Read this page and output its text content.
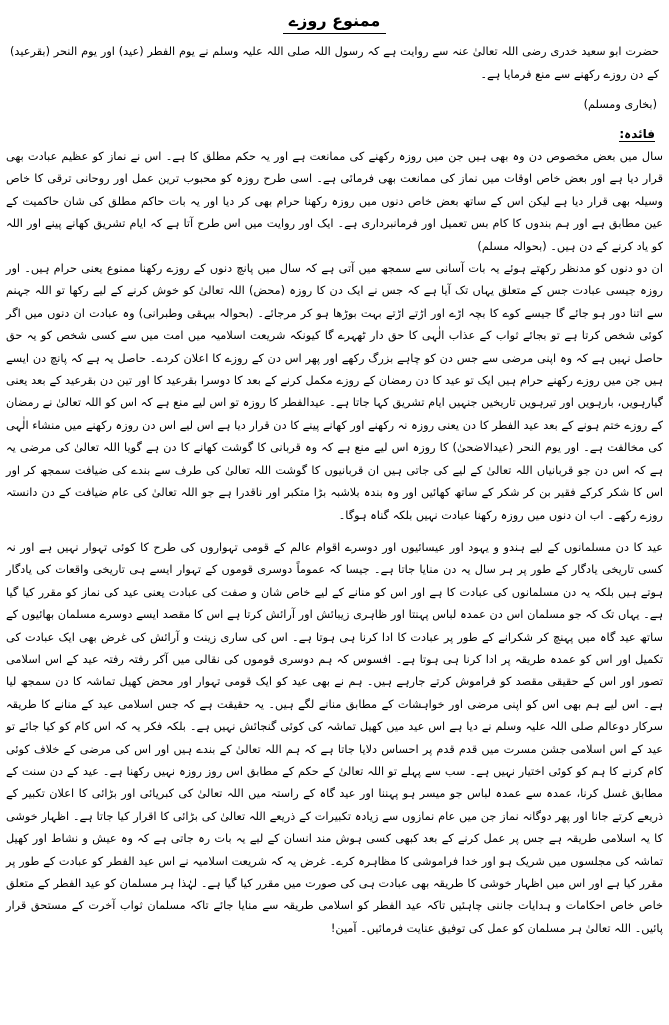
ممنوع روزے
حضرت ابو سعید خدری رضی اللہ تعالیٰ عنہ سے روایت ہے کہ رسول اللہ صلی اللہ علیہ وسلم نے یوم الفطر (عید) اور یوم النحر (بقرعید) کے دن روزے رکھنے سے منع فرمایا ہے۔
(بخاری ومسلم)
فائدہ:

سال میں بعض مخصوص دن وہ بھی ہیں جن میں روزہ رکھنے کی ممانعت ہے اور یہ حکم مطلق کا ہے۔ اس نے نماز کو عظیم عبادت بھی قرار دیا ہے اور بعض خاص اوقات میں نماز کی ممانعت بھی فرمائی ہے۔ اسی طرح روزہ کو محبوب ترین عمل اور روحانی ترقی کا خاص وسیلہ بھی قرار دیا ہے لیکن اس کے ساتھ بعض خاص دنوں میں روزہ رکھنا حرام بھی کر دیا اور یہ بات حاکم مطلق کی شان حاکمیت کے عین مطابق ہے اور ہم بندوں کا کام بس تعمیل اور فرمانبرداری ہے۔ ایک اور روایت میں اس طرح آتا ہے کہ ایام تشریق کھانے پینے اور اللہ کو یاد کرنے کے دن ہیں۔ (بحوالہ مسلم)

ان دو دنوں کو مدنظر رکھتے ہوئے یہ بات آسانی سے سمجھ میں آتی ہے کہ سال میں پانچ دنوں کے روزے رکھنا ممنوع یعنی حرام ہیں۔ اور روزہ جیسی عبادت جس کے متعلق یہاں تک آیا ہے کہ جس نے ایک دن کا روزہ (محض) اللہ تعالیٰ کو خوش کرنے کے لیے رکھا تو اللہ جہنم سے اتنا دور ہو جائے گا جیسے کوے کا بچہ اڑے اور اڑتے اڑتے بہت بوڑھا ہو کر مرجائے۔ (بحوالہ بیہقی وطبرانی) وہ عبادت ان دنوں میں اگر کوئی شخص کرتا ہے تو بجائے ثواب کے عذاب الٰہی کا حق دار ٹھہرے گا کیونکہ شریعت اسلامیہ میں امت میں سے کسی شخص کو یہ حق حاصل نہیں ہے کہ وہ اپنی مرضی سے جس دن کو چاہے بزرگ رکھے اور پھر اس دن کے روزے کا اعلان کردے۔ حاصل یہ ہے کہ پانچ دن ایسے ہیں جن میں روزے رکھنے حرام ہیں ایک تو عید کا دن رمضان کے روزے مکمل کرنے کے بعد کا دوسرا بقرعید کا اور تین دن بقرعید کے بعد یعنی گیارہویں، بارہویں اور تیرہویں تاریخیں جنہیں ایام تشریق کہا جاتا ہے۔ عیدالفطر کا روزہ تو اس لیے منع ہے کہ اس کو اللہ تعالیٰ نے رمضان کے روزے ختم ہونے کے بعد عید الفطر کا دن یعنی روزہ نہ رکھنے اور کھانے پینے کا دن قرار دیا ہے اس لیے اس دن روزہ رکھنے میں منشاء الٰہی کی مخالفت ہے۔ اور یوم النحر (عیدالاضحیٰ) کا روزہ اس لیے منع ہے کہ وہ قربانی کا گوشت کھانے کا دن ہے گویا اللہ تعالیٰ کی مرضی یہ ہے کہ اس دن جو قربانیاں اللہ تعالیٰ کے لیے کی جاتی ہیں ان قربانیوں کا گوشت اللہ تعالیٰ کی طرف سے بندے کی ضیافت سمجھ کر اور اس کا شکر کرکے فقیر بن کر شکر کے ساتھ کھائیں اور وہ بندہ بلاشبہ بڑا متکبر اور ناقدرا ہے جو اللہ تعالیٰ کی عام ضیافت کے دن دانستہ روزے رکھے۔ اب ان دنوں میں روزہ رکھنا عبادت نہیں بلکہ گناہ ہوگا۔

عید کا دن مسلمانوں کے لیے ہندو و یہود اور عیسائیوں اور دوسرے اقوام عالم کے قومی تہواروں کی طرح کا کوئی تہوار نہیں ہے اور نہ کسی تاریخی یادگار کے طور پر ہر سال یہ دن منایا جاتا ہے۔ جیسا کہ عموماً دوسری قوموں کے تہوار ایسے ہی تاریخی واقعات کی یادگار ہوتے ہیں بلکہ یہ دن مسلمانوں کی عبادت کا ہے اور اس کو منانے کے لیے خاص شان و صفت کی عبادت یعنی عید کی نماز کو مقرر کیا گیا ہے۔ یہاں تک کہ جو مسلمان اس دن عمدہ لباس پہنتا اور ظاہری زیبائش اور آرائش کرتا ہے اس کا مقصد ایسے دوسرے مسلمان بھائیوں کے ساتھ عید گاہ میں پہنچ کر شکرانے کے طور پر عبادت کا ادا کرنا ہی ہوتا ہے۔ اس کی ساری زینت و آرائش کی غرض بھی ایک عبادت کی تکمیل اور اس کو عمدہ طریقہ پر ادا کرنا ہی ہوتا ہے۔ افسوس کہ ہم دوسری قوموں کی نقالی میں آکر رفتہ رفتہ عید کے اس اسلامی تصور اور اس کے حقیقی مقصد کو فراموش کرتے جارہے ہیں۔ ہم نے بھی عید کو ایک قومی تہوار اور محض کھیل تماشہ کا دن سمجھ لیا ہے۔ اس لیے ہم بھی اس کو اپنی مرضی اور خواہشات کے مطابق منانے لگے ہیں۔ یہ حقیقت ہے کہ جس اسلامی عید کے منانے کا طریقہ سرکار دوعالم صلی اللہ علیہ وسلم نے دیا ہے اس عید میں کھیل تماشہ کی کوئی گنجائش نہیں ہے۔ بلکہ فکر یہ کہ اس کام کو کیا جائے تو عید کے اس اسلامی جشن مسرت میں قدم قدم پر احساس دلایا جاتا ہے کہ ہم اللہ تعالیٰ کے بندے ہیں اور اس کی مرضی کے خلاف کوئی کام کرنے کا ہم کو کوئی اختیار نہیں ہے۔ سب سے پہلے تو اللہ تعالیٰ کے حکم کے مطابق اس روز روزہ نہیں رکھنا ہے۔ عید کے دن سنت کے مطابق غسل کرنا، عمدہ سے عمدہ لباس جو میسر ہو پہننا اور عید گاہ کے راستہ میں اللہ تعالیٰ کی کبریائی اور بڑائی کا اعلان تکبیر کے ذریعے کرتے جانا اور پھر دوگانہ نماز جن میں عام نمازوں سے زیادہ تکبیرات کے ذریعے اللہ تعالیٰ کی بڑائی کا اقرار کیا جاتا ہے۔ اظہار خوشی کا یہ اسلامی طریقہ ہے جس پر عمل کرنے کے بعد کبھی کسی ہوش مند انسان کے لیے یہ بات رہ جاتی ہے کہ وہ عیش و نشاط اور کھیل تماشہ کی مجلسوں میں شریک ہو اور خدا فراموشی کا مظاہرہ کرے۔ غرض یہ کہ شریعت اسلامیہ نے اس عید الفطر کو عبادت کے طور پر مقرر کیا ہے اور اس میں اظہار خوشی کا طریقہ بھی عبادت ہی کی صورت میں مقرر کیا گیا ہے۔ لہٰذا ہر مسلمان کو عید الفطر کے متعلق خاص خاص احکامات و ہدایات جاننی چاہئیں تاکہ عید الفطر کو اسلامی طریقہ سے منایا جائے تاکہ مسلمان ثواب آخرت کے مستحق قرار پائیں۔ اللہ تعالیٰ ہر مسلمان کو عمل کی توفیق عنایت فرمائیں۔ آمین!
